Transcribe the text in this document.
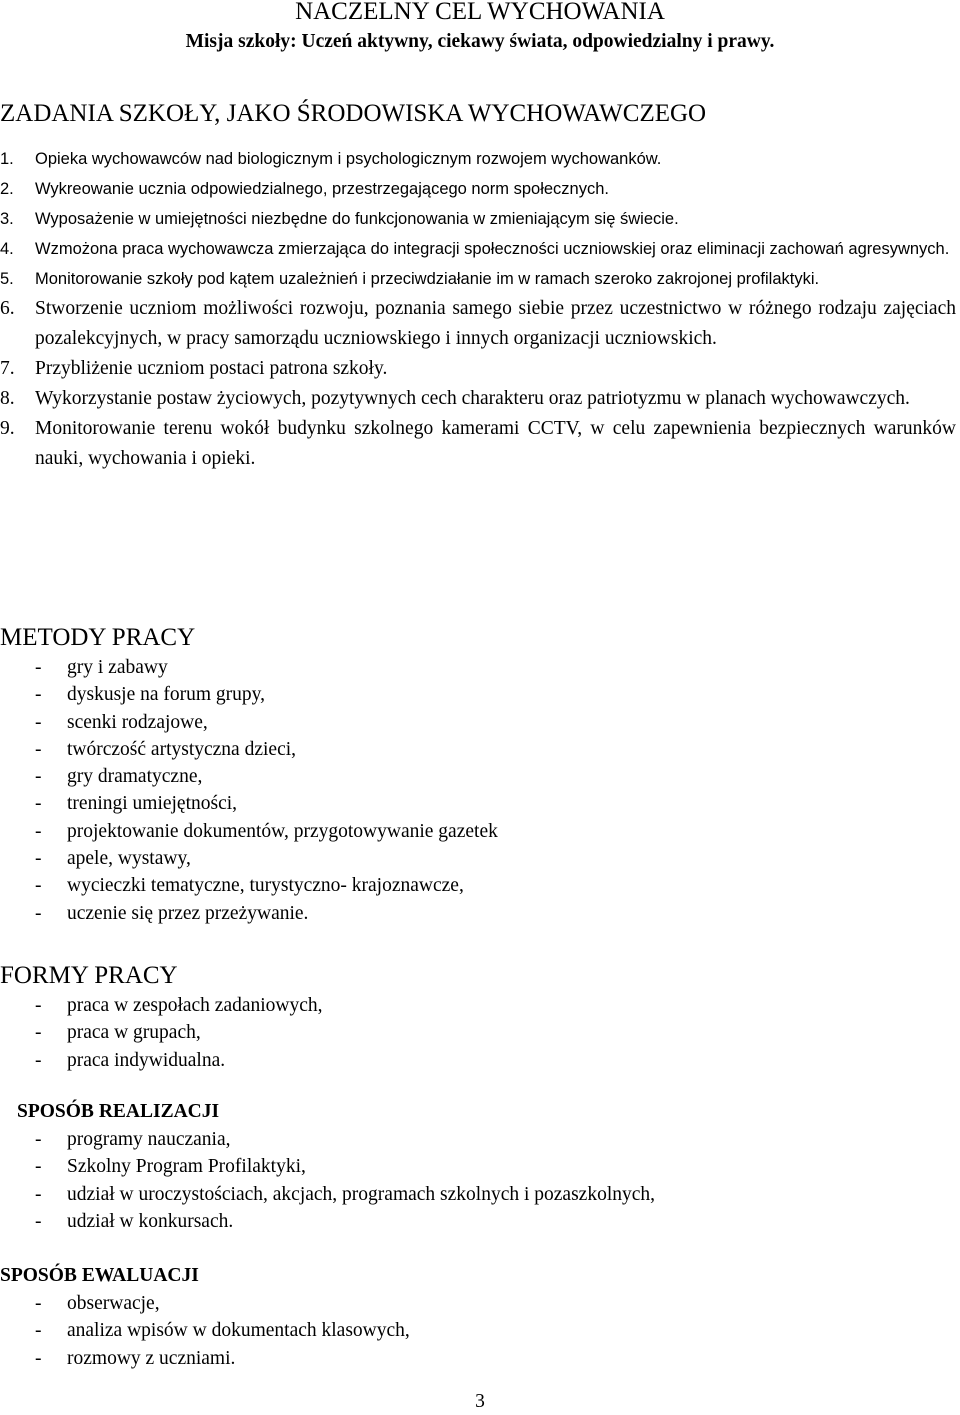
NACZELNY CEL WYCHOWANIA
Misja szkoły: Uczeń aktywny, ciekawy świata, odpowiedzialny i prawy.
ZADANIA SZKOŁY, JAKO ŚRODOWISKA WYCHOWAWCZEGO
1.	Opieka wychowawców nad biologicznym i psychologicznym rozwojem wychowanków.
2.	Wykreowanie ucznia odpowiedzialnego, przestrzegającego norm społecznych.
3.	Wyposażenie w umiejętności niezbędne do funkcjonowania w zmieniającym się świecie.
4.	Wzmożona praca wychowawcza zmierzająca do integracji społeczności uczniowskiej oraz eliminacji zachowań agresywnych.
5.	Monitorowanie szkoły pod kątem uzależnień i przeciwdziałanie im w ramach szeroko zakrojonej profilaktyki.
6.	Stworzenie uczniom możliwości rozwoju, poznania samego siebie przez uczestnictwo w różnego rodzaju zajęciach pozalekcyjnych, w pracy samorządu uczniowskiego i innych organizacji uczniowskich.
7.	Przybliżenie uczniom postaci patrona szkoły.
8.	Wykorzystanie postaw życiowych, pozytywnych cech charakteru oraz patriotyzmu w planach wychowawczych.
9.	Monitorowanie terenu wokół budynku szkolnego kamerami CCTV, w celu zapewnienia bezpiecznych warunków nauki, wychowania i opieki.
METODY PRACY
- gry i zabawy
- dyskusje na forum grupy,
- scenki rodzajowe,
- twórczość artystyczna dzieci,
- gry dramatyczne,
- treningi umiejętności,
- projektowanie dokumentów, przygotowywanie gazetek
- apele, wystawy,
- wycieczki tematyczne, turystyczno- krajoznawcze,
- uczenie się przez przeżywanie.
FORMY PRACY
- praca w zespołach zadaniowych,
- praca w grupach,
- praca indywidualna.
SPOSÓB REALIZACJI
- programy nauczania,
- Szkolny Program Profilaktyki,
- udział w uroczystościach, akcjach, programach szkolnych i pozaszkolnych,
- udział w konkursach.
SPOSÓB EWALUACJI
- obserwacje,
- analiza wpisów w dokumentach klasowych,
- rozmowy z uczniami.
3
